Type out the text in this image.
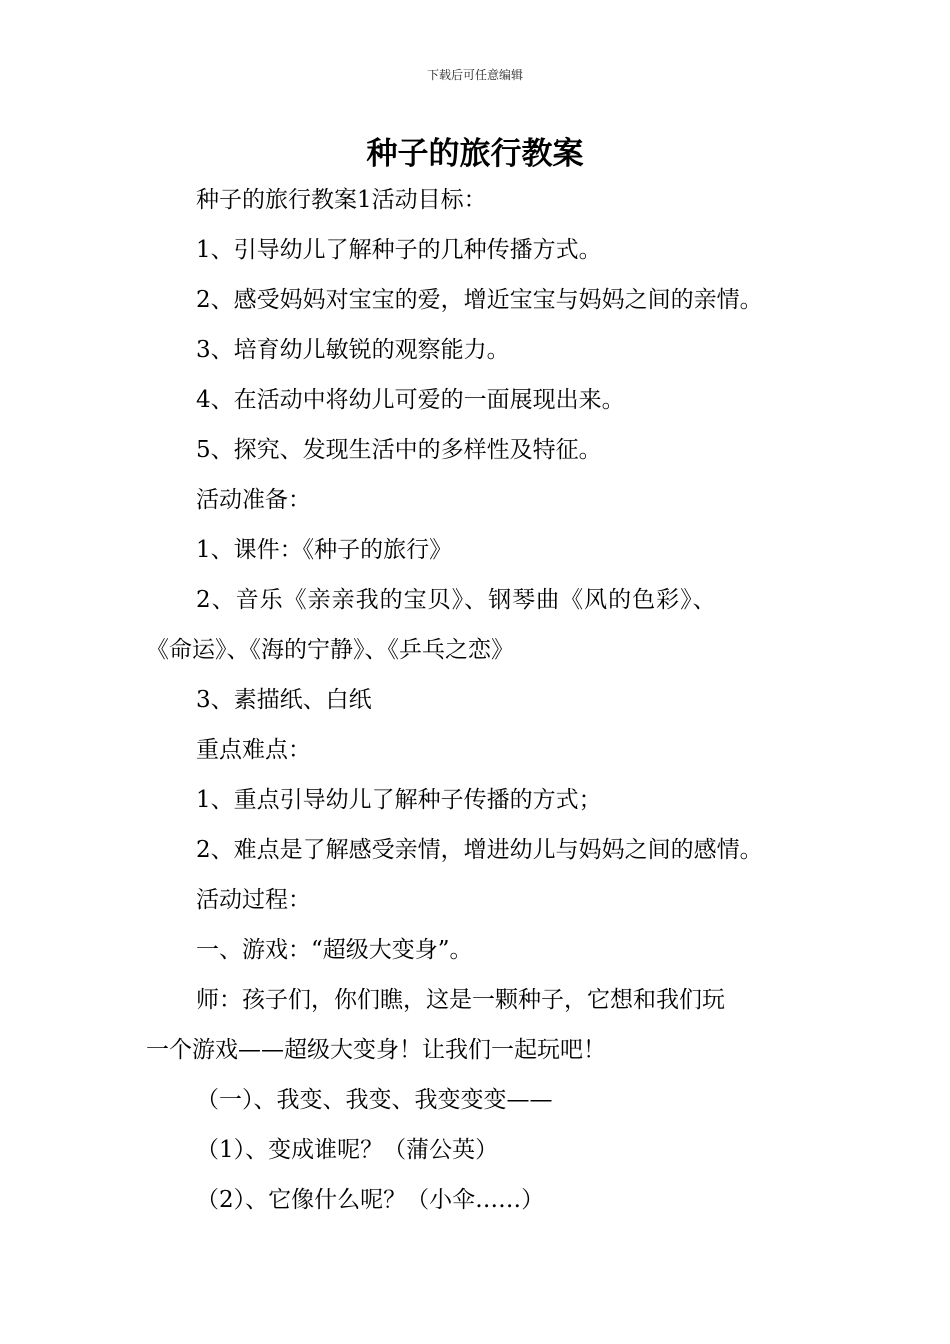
下载后可任意编辑
种子的旅行教案
种子的旅行教案1活动目标：
1、引导幼儿了解种子的几种传播方式。
2、感受妈妈对宝宝的爱，增近宝宝与妈妈之间的亲情。
3、培育幼儿敏锐的观察能力。
4、在活动中将幼儿可爱的一面展现出来。
5、探究、发现生活中的多样性及特征。
活动准备：
1、课件：《种子的旅行》
2、音乐《亲亲我的宝贝》、钢琴曲《风的色彩》、
《命运》、《海的宁静》、《乒乓之恋》
3、素描纸、白纸
重点难点：
1、重点引导幼儿了解种子传播的方式；
2、难点是了解感受亲情，增进幼儿与妈妈之间的感情。
活动过程：
一、游戏：“超级大变身”。
师：孩子们，你们瞧，这是一颗种子，它想和我们玩
一个游戏——超级大变身！让我们一起玩吧！
（一）、我变、我变、我变变变——
（1）、变成谁呢？（蒲公英）
（2）、它像什么呢？（小伞……）
